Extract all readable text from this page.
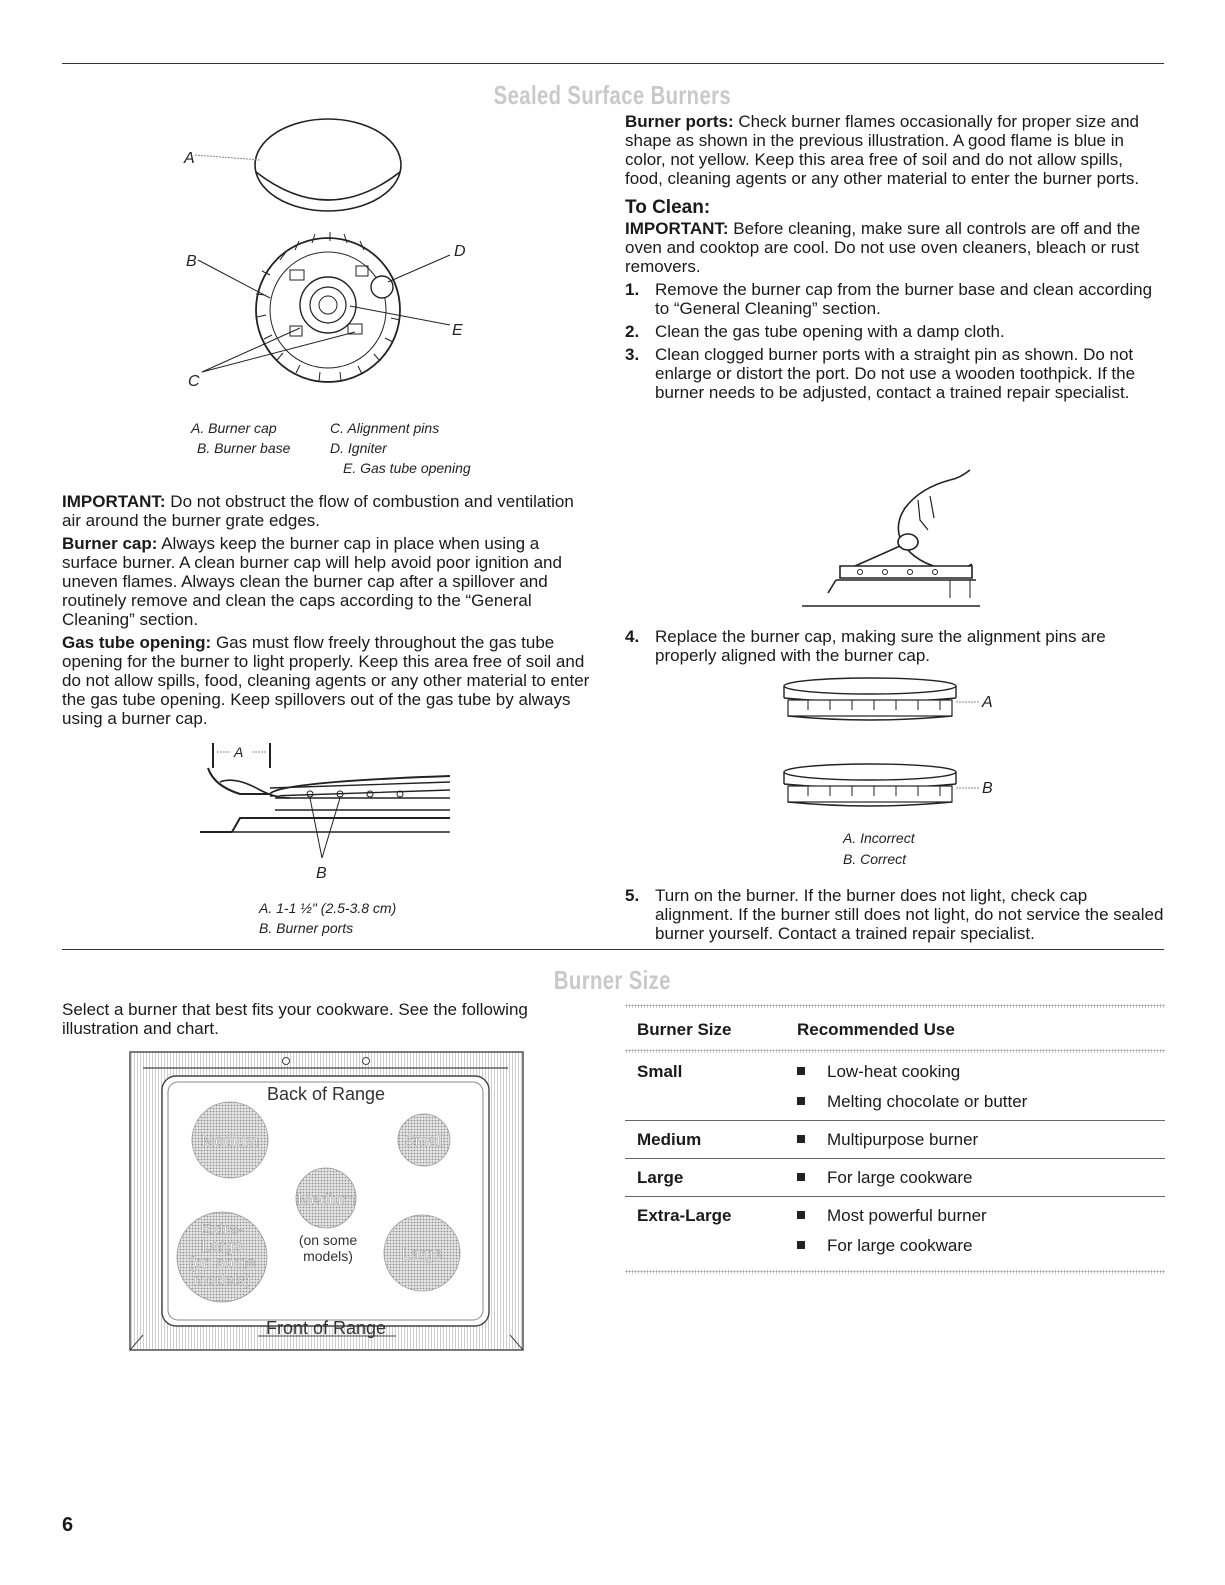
Sealed Surface Burners
A
B
C
D
E
A. Burner cap
B. Burner base
C. Alignment pins
D. Igniter
E. Gas tube opening

IMPORTANT: Do not obstruct the flow of combustion and ventilation air around the burner grate edges.

Burner cap: Always keep the burner cap in place when using a surface burner. A clean burner cap will help avoid poor ignition and uneven flames. Always clean the burner cap after a spillover and routinely remove and clean the caps according to the “General Cleaning” section.

Gas tube opening: Gas must flow freely throughout the gas tube opening for the burner to light properly. Keep this area free of soil and do not allow spills, food, cleaning agents or any other material to enter the gas tube opening. Keep spillovers out of the gas tube by always using a burner cap.

A
B
A. 1-1 ½" (2.5-3.8 cm)
B. Burner ports

Burner ports: Check burner flames occasionally for proper size and shape as shown in the previous illustration. A good flame is blue in color, not yellow. Keep this area free of soil and do not allow spills, food, cleaning agents or any other material to enter the burner ports.

To Clean:

IMPORTANT: Before cleaning, make sure all controls are off and the oven and cooktop are cool. Do not use oven cleaners, bleach or rust removers.

1. Remove the burner cap from the burner base and clean according to “General Cleaning” section.
2. Clean the gas tube opening with a damp cloth.
3. Clean clogged burner ports with a straight pin as shown. Do not enlarge or distort the port. Do not use a wooden toothpick. If the burner needs to be adjusted, contact a trained repair specialist.
4. Replace the burner cap, making sure the alignment pins are properly aligned with the burner cap.
A
B
A. Incorrect
B. Correct
5. Turn on the burner. If the burner does not light, check cap alignment. If the burner still does not light, do not service the sealed burner yourself. Contact a trained repair specialist.
Burner Size
Select a burner that best fits your cookware. See the following illustration and chart.
Back of Range
Front of Range
Medium	Small
Medium
(on some
models)
Extra-
Large
(on some
models)
Large
Burner Size	Recommended Use
Small	Low-heat cooking
Melting chocolate or butter
Medium	Multipurpose burner
Large	For large cookware
Extra-Large	Most powerful burner
For large cookware
6
